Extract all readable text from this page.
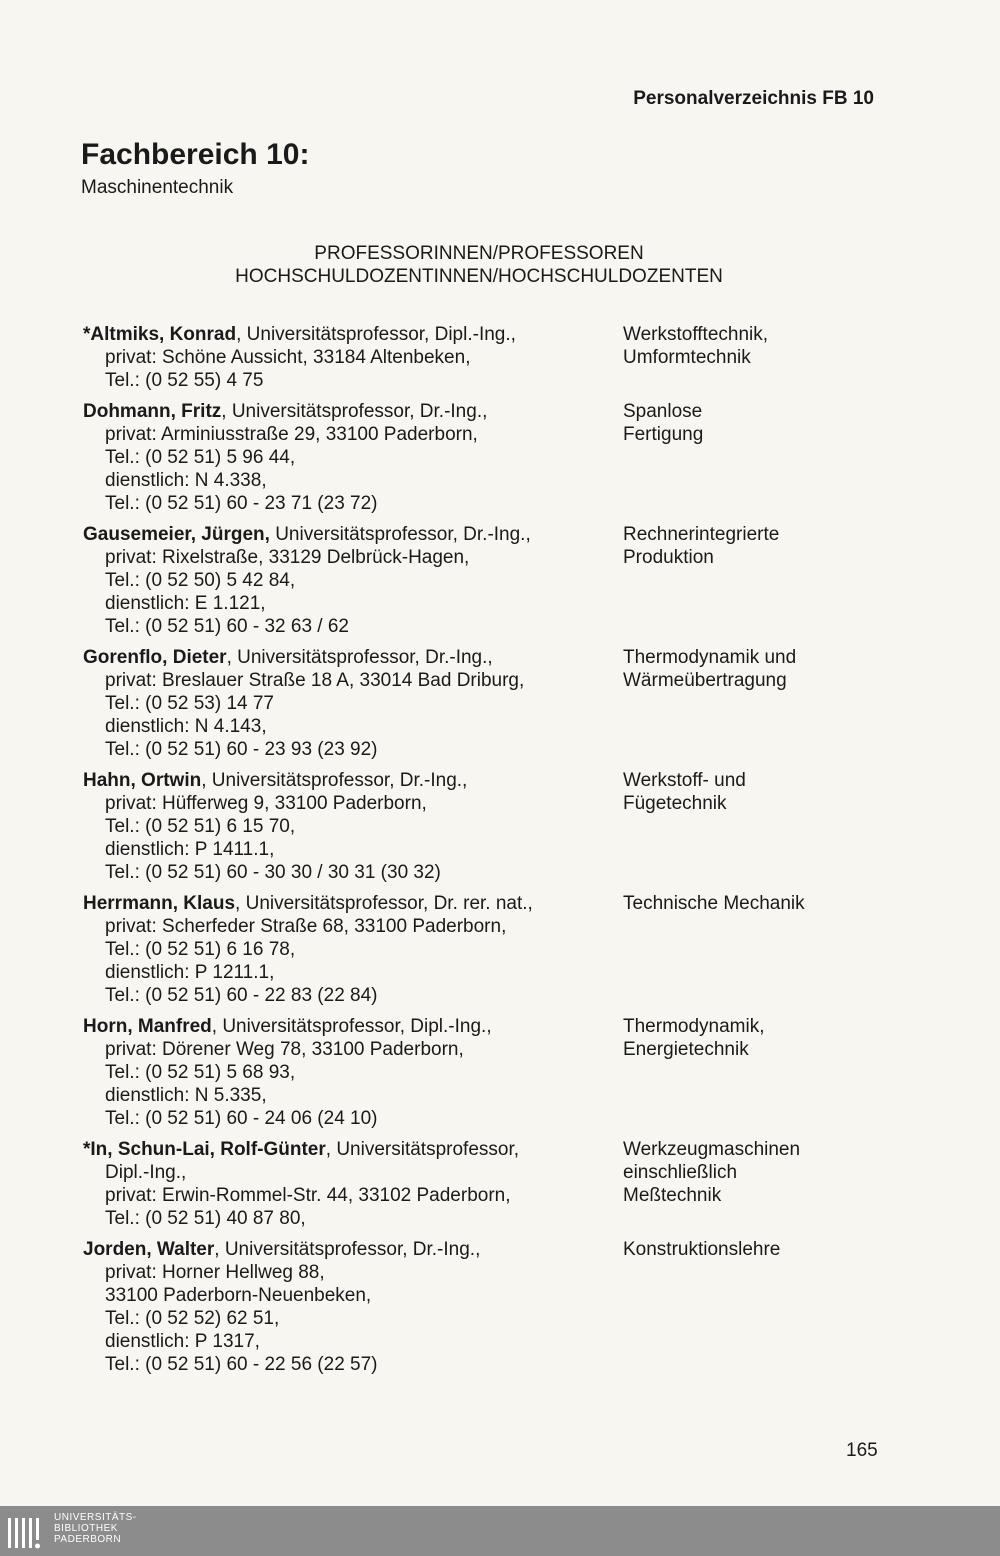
Personalverzeichnis FB 10
Fachbereich 10:
Maschinentechnik
PROFESSORINNEN/PROFESSOREN
HOCHSCHULDOZENTINNEN/HOCHSCHULDOZENTEN
*Altmiks, Konrad, Universitätsprofessor, Dipl.-Ing.,
privat: Schöne Aussicht, 33184 Altenbeken,
Tel.: (0 52 55) 4 75
Werkstofftechnik,
Umformtechnik
Dohmann, Fritz, Universitätsprofessor, Dr.-Ing.,
privat: Arminiusstraße 29, 33100 Paderborn,
Tel.: (0 52 51) 5 96 44,
dienstlich: N 4.338,
Tel.: (0 52 51) 60 - 23 71 (23 72)
Spanlose
Fertigung
Gausemeier, Jürgen, Universitätsprofessor, Dr.-Ing.,
privat: Rixelstraße, 33129 Delbrück-Hagen,
Tel.: (0 52 50) 5 42 84,
dienstlich: E 1.121,
Tel.: (0 52 51) 60 - 32 63 / 62
Rechnerintegrierte
Produktion
Gorenflo, Dieter, Universitätsprofessor, Dr.-Ing.,
privat: Breslauer Straße 18 A, 33014 Bad Driburg,
Tel.: (0 52 53) 14 77
dienstlich: N 4.143,
Tel.: (0 52 51) 60 - 23 93 (23 92)
Thermodynamik und
Wärmeübertragung
Hahn, Ortwin, Universitätsprofessor, Dr.-Ing.,
privat: Hüfferweg 9, 33100 Paderborn,
Tel.: (0 52 51) 6 15 70,
dienstlich: P 1411.1,
Tel.: (0 52 51) 60 - 30 30 / 30 31 (30 32)
Werkstoff- und
Fügetechnik
Herrmann, Klaus, Universitätsprofessor, Dr. rer. nat.,
privat: Scherfeder Straße 68, 33100 Paderborn,
Tel.: (0 52 51) 6 16 78,
dienstlich: P 1211.1,
Tel.: (0 52 51) 60 - 22 83 (22 84)
Technische Mechanik
Horn, Manfred, Universitätsprofessor, Dipl.-Ing.,
privat: Dörener Weg 78, 33100 Paderborn,
Tel.: (0 52 51) 5 68 93,
dienstlich: N 5.335,
Tel.: (0 52 51) 60 - 24 06 (24 10)
Thermodynamik,
Energietechnik
*In, Schun-Lai, Rolf-Günter, Universitätsprofessor,
Dipl.-Ing.,
privat: Erwin-Rommel-Str. 44, 33102 Paderborn,
Tel.: (0 52 51) 40 87 80,
Werkzeugmaschinen
einschließlich
Meßtechnik
Jorden, Walter, Universitätsprofessor, Dr.-Ing.,
privat: Horner Hellweg 88,
33100 Paderborn-Neuenbeken,
Tel.: (0 52 52) 62 51,
dienstlich: P 1317,
Tel.: (0 52 51) 60 - 22 56 (22 57)
Konstruktionslehre
165
UNIVERSITÄTS-
BIBLIOTHEK
PADERBORN
